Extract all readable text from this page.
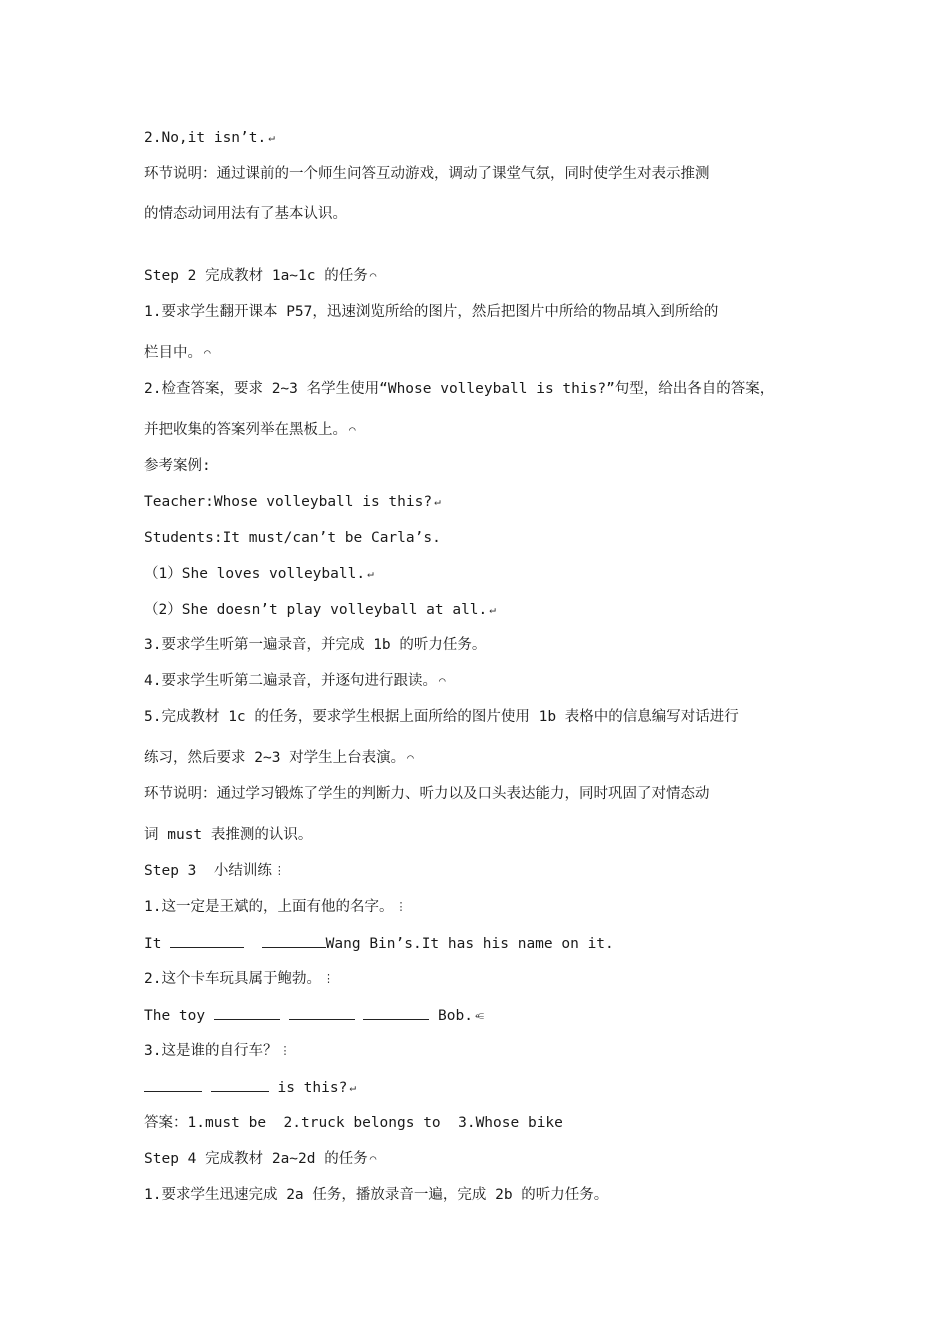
2.No,it isn’t. ↵
环节说明：通过课前的一个师生问答互动游戏，调动了课堂气氛，同时使学生对表示推测
的情态动词用法有了基本认识。
Step 2 完成教材 1a~1c 的任务 ⌒
1.要求学生翻开课本 P57，迅速浏览所给的图片，然后把图片中所给的物品填入到所给的
栏目中。 ⌒
2.检查答案，要求 2~3 名学生使用“Whose volleyball is this?”句型，给出各自的答案，
并把收集的答案列举在黑板上。 ⌒
参考案例:
Teacher:Whose volleyball is this? ↵
Students:It must/can’t be Carla’s.
（1）She loves volleyball. ↵
（2）She doesn’t play volleyball at all. ↵
3.要求学生听第一遍录音，并完成 1b 的听力任务。
4.要求学生听第二遍录音，并逐句进行跟读。 ⌒
5.完成教材 1c 的任务，要求学生根据上面所给的图片使用 1b 表格中的信息编写对话进行
练习，然后要求 2~3 对学生上台表演。 ⌒
环节说明：通过学习锻炼了学生的判断力、听力以及口头表达能力，同时巩固了对情态动
词 must 表推测的认识。
Step 3  小结训练 ⋮
1.这一定是王斌的，上面有他的名字。 ⋮
It	Wang Bin’s.It has his name on it.
2.这个卡车玩具属于鲍勃。 ⋮
The toy	Bob. ⥺
3.这是谁的自行车？ ⋮
is this? ↵
答案：1.must be  2.truck belongs to  3.Whose bike
Step 4 完成教材 2a~2d 的任务 ⌒
1.要求学生迅速完成 2a 任务，播放录音一遍，完成 2b 的听力任务。
